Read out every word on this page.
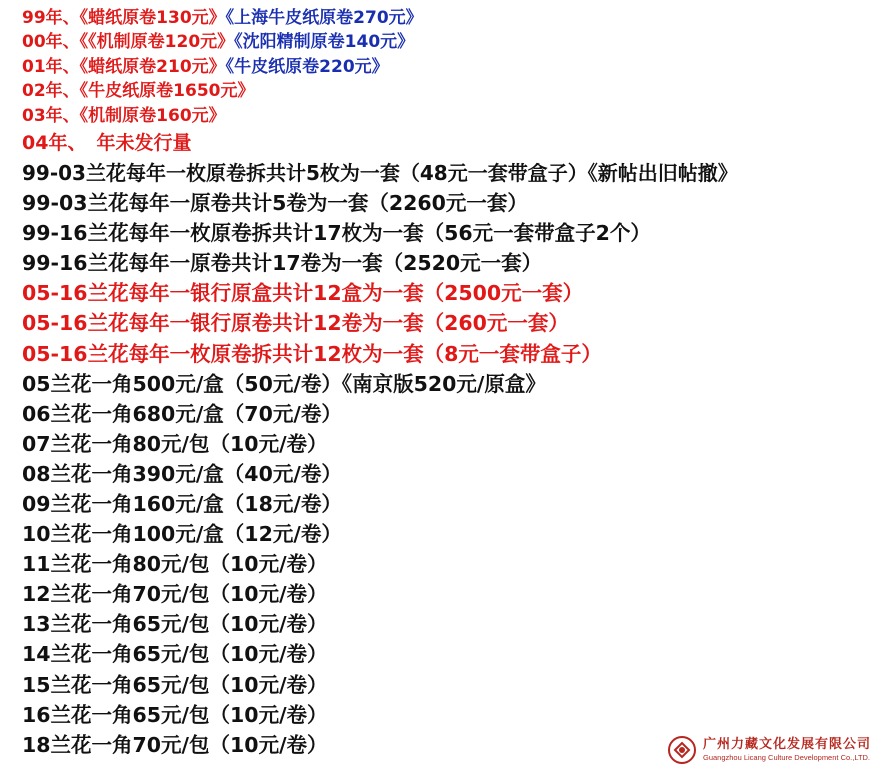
99年、《蜡纸原卷130元》《上海牛皮纸原卷270元》
00年、《《机制原卷120元》《沈阳精制原卷140元》
01年、《蜡纸原卷210元》《牛皮纸原卷220元》
02年、《牛皮纸原卷1650元》
03年、《机制原卷160元》
04年、 年未发行量
99-03兰花每年一枚原卷拆共计5枚为一套（48元一套带盒子）《新帖出旧帖撤》
99-03兰花每年一原卷共计5卷为一套（2260元一套）
99-16兰花每年一枚原卷拆共计17枚为一套（56元一套带盒子2个）
99-16兰花每年一原卷共计17卷为一套（2520元一套）
05-16兰花每年一银行原盒共计12盒为一套（2500元一套）
05-16兰花每年一银行原卷共计12卷为一套（260元一套）
05-16兰花每年一枚原卷拆共计12枚为一套（8元一套带盒子）
05兰花一角500元/盒（50元/卷）《南京版520元/原盒》
06兰花一角680元/盒（70元/卷）
07兰花一角80元/包（10元/卷）
08兰花一角390元/盒（40元/卷）
09兰花一角160元/盒（18元/卷）
10兰花一角100元/盒（12元/卷）
11兰花一角80元/包（10元/卷）
12兰花一角70元/包（10元/卷）
13兰花一角65元/包（10元/卷）
14兰花一角65元/包（10元/卷）
15兰花一角65元/包（10元/卷）
16兰花一角65元/包（10元/卷）
18兰花一角70元/包（10元/卷）	广州力藏文化发展有限公司
Guangzhou Licang Culture Development Co.,LTD.
